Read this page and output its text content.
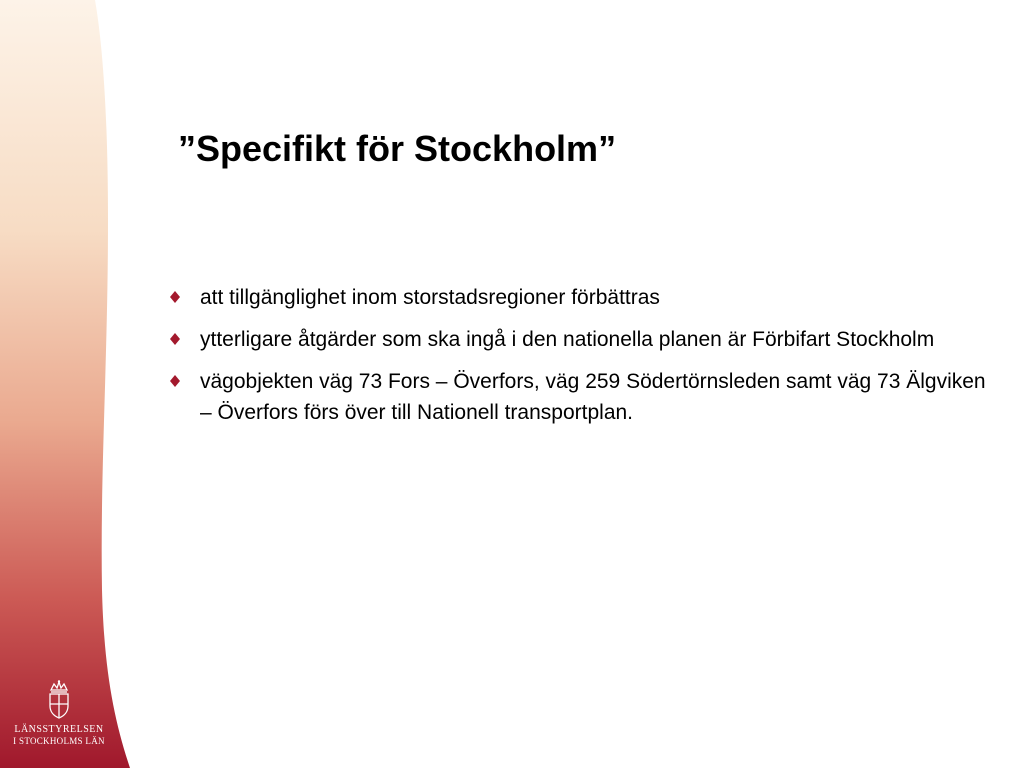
LÄNSSTYRELSEN
I STOCKHOLMS LÄN
”Specifikt för Stockholm”
att tillgänglighet inom storstadsregioner förbättras
ytterligare åtgärder som ska ingå i den nationella planen är Förbifart Stockholm
vägobjekten väg 73 Fors – Överfors, väg 259 Södertörnsleden samt väg 73 Älgviken – Överfors förs över till Nationell transportplan.
